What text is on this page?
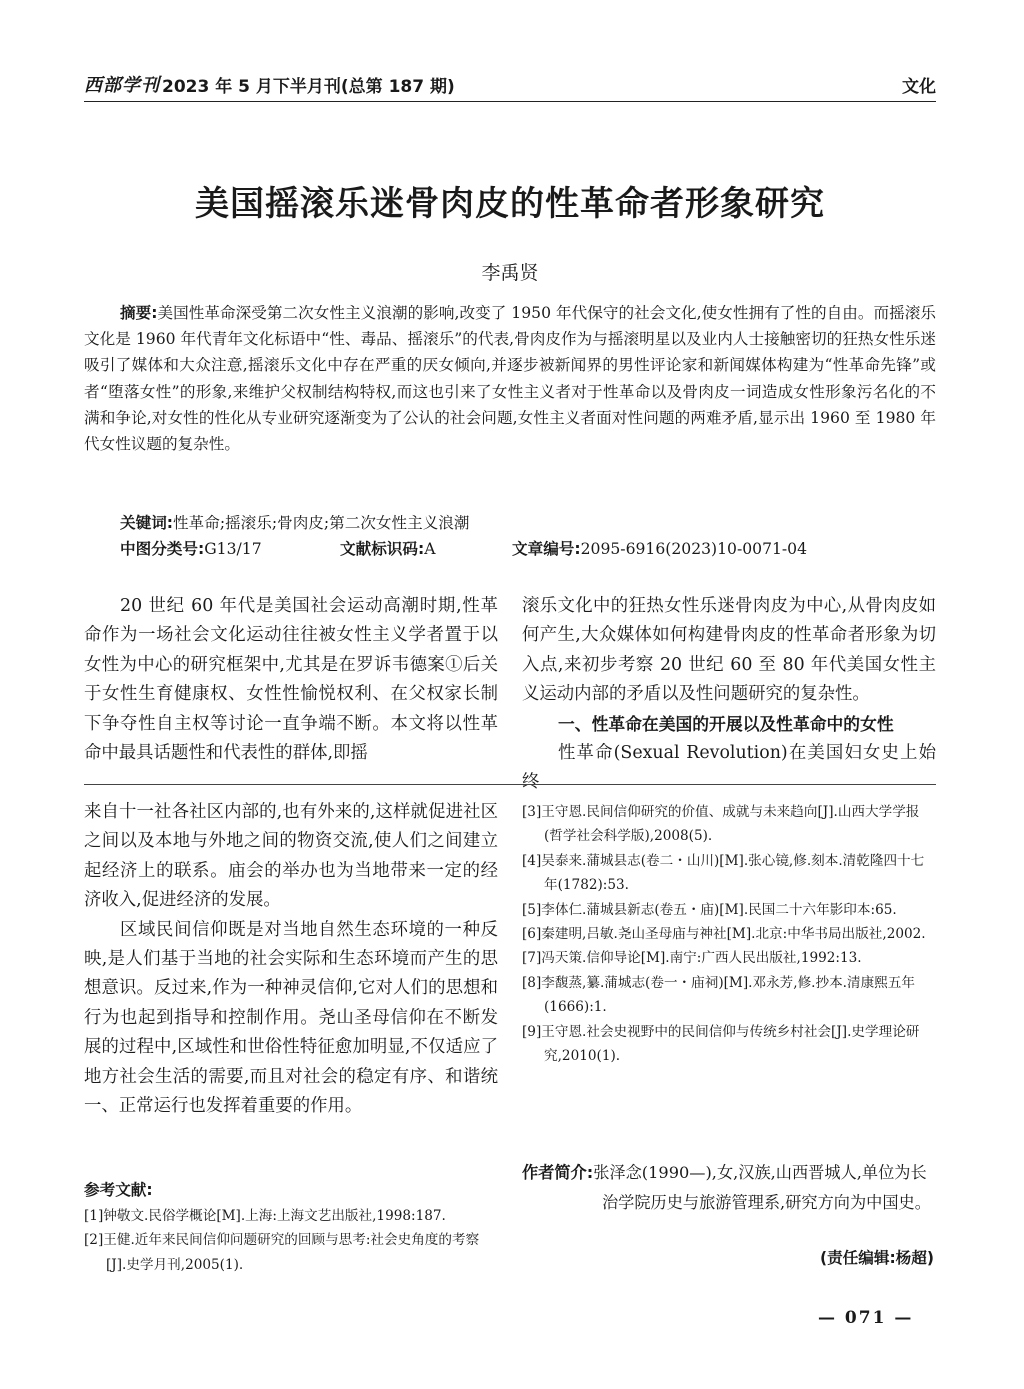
西部学刊 2023 年 5 月下半月刊(总第 187 期)	文化
美国摇滚乐迷骨肉皮的性革命者形象研究
李禹贤
摘要:美国性革命深受第二次女性主义浪潮的影响,改变了 1950 年代保守的社会文化,使女性拥有了性的自由。而摇滚乐文化是 1960 年代青年文化标语中“性、毒品、摇滚乐”的代表,骨肉皮作为与摇滚明星以及业内人士接触密切的狂热女性乐迷吸引了媒体和大众注意,摇滚乐文化中存在严重的厌女倾向,并逐步被新闻界的男性评论家和新闻媒体构建为“性革命先锋”或者“堕落女性”的形象,来维护父权制结构特权,而这也引来了女性主义者对于性革命以及骨肉皮一词造成女性形象污名化的不满和争论,对女性的性化从专业研究逐渐变为了公认的社会问题,女性主义者面对性问题的两难矛盾,显示出 1960 至 1980 年代女性议题的复杂性。
关键词:性革命;摇滚乐;骨肉皮;第二次女性主义浪潮
中图分类号:G13/17	文献标识码:A	文章编号:2095-6916(2023)10-0071-04

20 世纪 60 年代是美国社会运动高潮时期,性革命作为一场社会文化运动往往被女性主义学者置于以女性为中心的研究框架中,尤其是在罗诉韦德案①后关于女性生育健康权、女性性愉悦权利、在父权家长制下争夺性自主权等讨论一直争端不断。本文将以性革命中最具话题性和代表性的群体,即摇

滚乐文化中的狂热女性乐迷骨肉皮为中心,从骨肉皮如何产生,大众媒体如何构建骨肉皮的性革命者形象为切入点,来初步考察 20 世纪 60 至 80 年代美国女性主义运动内部的矛盾以及性问题研究的复杂性。

一、性革命在美国的开展以及性革命中的女性

性革命(Sexual Revolution)在美国妇女史上始终

来自十一社各社区内部的,也有外来的,这样就促进社区之间以及本地与外地之间的物资交流,使人们之间建立起经济上的联系。庙会的举办也为当地带来一定的经济收入,促进经济的发展。

区域民间信仰既是对当地自然生态环境的一种反映,是人们基于当地的社会实际和生态环境而产生的思想意识。反过来,作为一种神灵信仰,它对人们的思想和行为也起到指导和控制作用。尧山圣母信仰在不断发展的过程中,区域性和世俗性特征愈加明显,不仅适应了地方社会生活的需要,而且对社会的稳定有序、和谐统一、正常运行也发挥着重要的作用。

参考文献:

[1]钟敬文.民俗学概论[M].上海:上海文艺出版社,1998:187.

[2]王健.近年来民间信仰问题研究的回顾与思考:社会史角度的考察[J].史学月刊,2005(1).

[3]王守恩.民间信仰研究的价值、成就与未来趋向[J].山西大学学报(哲学社会科学版),2008(5).

[4]吴泰来.蒲城县志(卷二・山川)[M].张心镜,修.刻本.清乾隆四十七年(1782):53.

[5]李体仁.蒲城县新志(卷五・庙)[M].民国二十六年影印本:65.

[6]秦建明,吕敏.尧山圣母庙与神社[M].北京:中华书局出版社,2002.

[7]冯天策.信仰导论[M].南宁:广西人民出版社,1992:13.

[8]李馥蒸,纂.蒲城志(卷一・庙祠)[M].邓永芳,修.抄本.清康熙五年(1666):1.

[9]王守恩.社会史视野中的民间信仰与传统乡村社会[J].史学理论研究,2010(1).

作者简介:张泽念(1990—),女,汉族,山西晋城人,单位为长治学院历史与旅游管理系,研究方向为中国史。
(责任编辑:杨超)
— 071 —
